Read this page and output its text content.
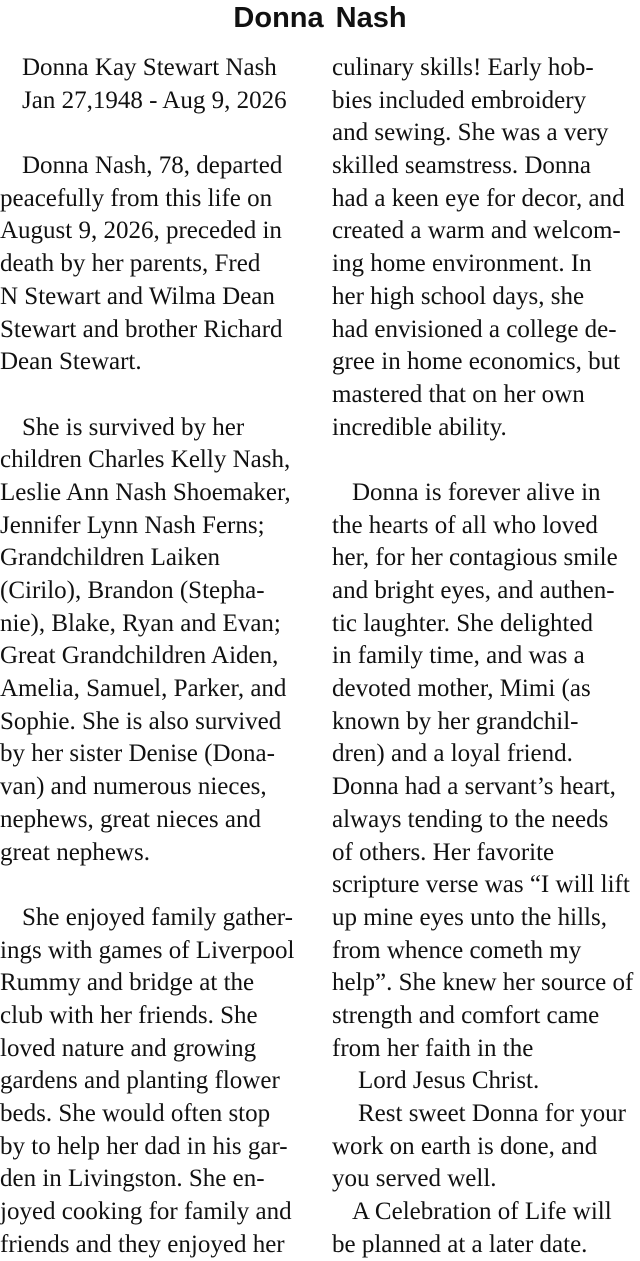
Donna Nash
Donna Kay Stewart Nash
Jan 27,1948 - Aug 9, 2026
Donna Nash, 78, departed
peacefully from this life on
August 9, 2026, preceded in
death by her parents, Fred
N Stewart and Wilma Dean
Stewart and brother Richard
Dean Stewart.
She is survived by her
children Charles Kelly Nash,
Leslie Ann Nash Shoemaker,
Jennifer Lynn Nash Ferns;
Grandchildren Laiken
(Cirilo), Brandon (Stepha-
nie), Blake, Ryan and Evan;
Great Grandchildren Aiden,
Amelia, Samuel, Parker, and
Sophie. She is also survived
by her sister Denise (Dona-
van) and numerous nieces,
nephews, great nieces and
great nephews.
She enjoyed family gather-
ings with games of Liverpool
Rummy and bridge at the
club with her friends. She
loved nature and growing
gardens and planting flower
beds. She would often stop
by to help her dad in his gar-
den in Livingston. She en-
joyed cooking for family and
friends and they enjoyed her
culinary skills! Early hob-
bies included embroidery
and sewing. She was a very
skilled seamstress. Donna
had a keen eye for decor, and
created a warm and welcom-
ing home environment. In
her high school days, she
had envisioned a college de-
gree in home economics, but
mastered that on her own
incredible ability.
Donna is forever alive in
the hearts of all who loved
her, for her contagious smile
and bright eyes, and authen-
tic laughter. She delighted
in family time, and was a
devoted mother, Mimi (as
known by her grandchil-
dren) and a loyal friend.
Donna had a servant’s heart,
always tending to the needs
of others. Her favorite
scripture verse was “I will lift
up mine eyes unto the hills,
from whence cometh my
help”. She knew her source of
strength and comfort came
from her faith in the
Lord Jesus Christ.
Rest sweet Donna for your
work on earth is done, and
you served well.
A Celebration of Life will
be planned at a later date.
